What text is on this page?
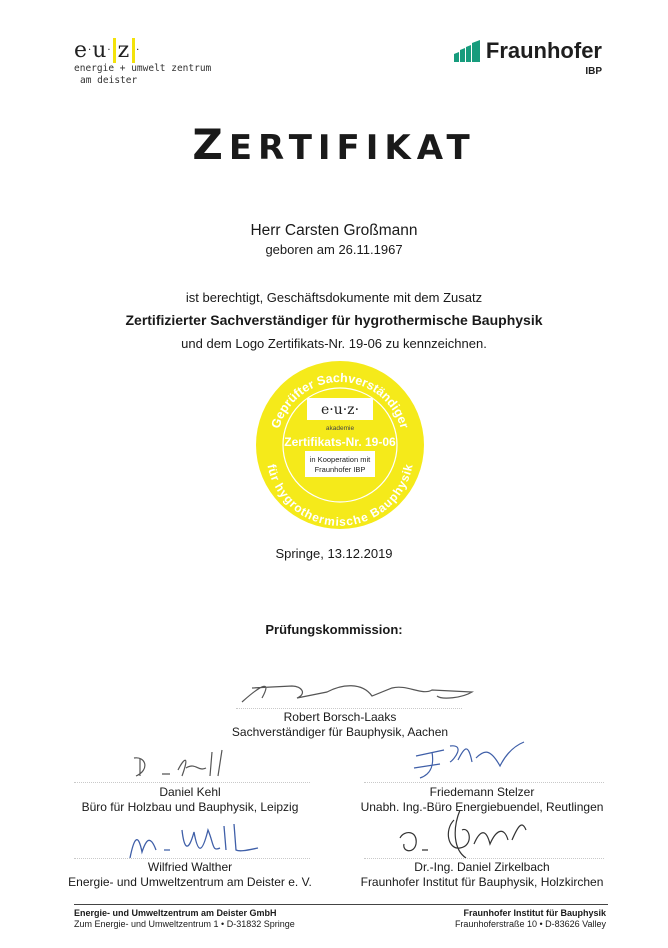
e · u · z ·
energie + umwelt zentrum
am deister
Fraunhofer
IBP
ZERTIFIKAT
Herr Carsten Großmann
geboren am 26.11.1967
ist berechtigt, Geschäftsdokumente mit dem Zusatz
Zertifizierter Sachverständiger für hygrothermische Bauphysik
und dem Logo Zertifikats-Nr. 19-06 zu kennzeichnen.
Geprüfter Sachverständiger
für hygrothermische Bauphysik
e·u·z·
akademie
Zertifikats-Nr. 19-06
in Kooperation mit
Fraunhofer IBP
Springe, 13.12.2019
Prüfungskommission:
Robert Borsch-Laaks
Sachverständiger für Bauphysik, Aachen
Daniel Kehl
Büro für Holzbau und Bauphysik, Leipzig
Friedemann Stelzer
Unabh. Ing.-Büro Energiebuendel, Reutlingen
Wilfried Walther
Energie- und Umweltzentrum am Deister e. V.
Dr.-Ing. Daniel Zirkelbach
Fraunhofer Institut für Bauphysik, Holzkirchen
Energie- und Umweltzentrum am Deister GmbH
Zum Energie- und Umweltzentrum 1 • D-31832 Springe
Fraunhofer Institut für Bauphysik
Fraunhoferstraße 10 • D-83626 Valley
